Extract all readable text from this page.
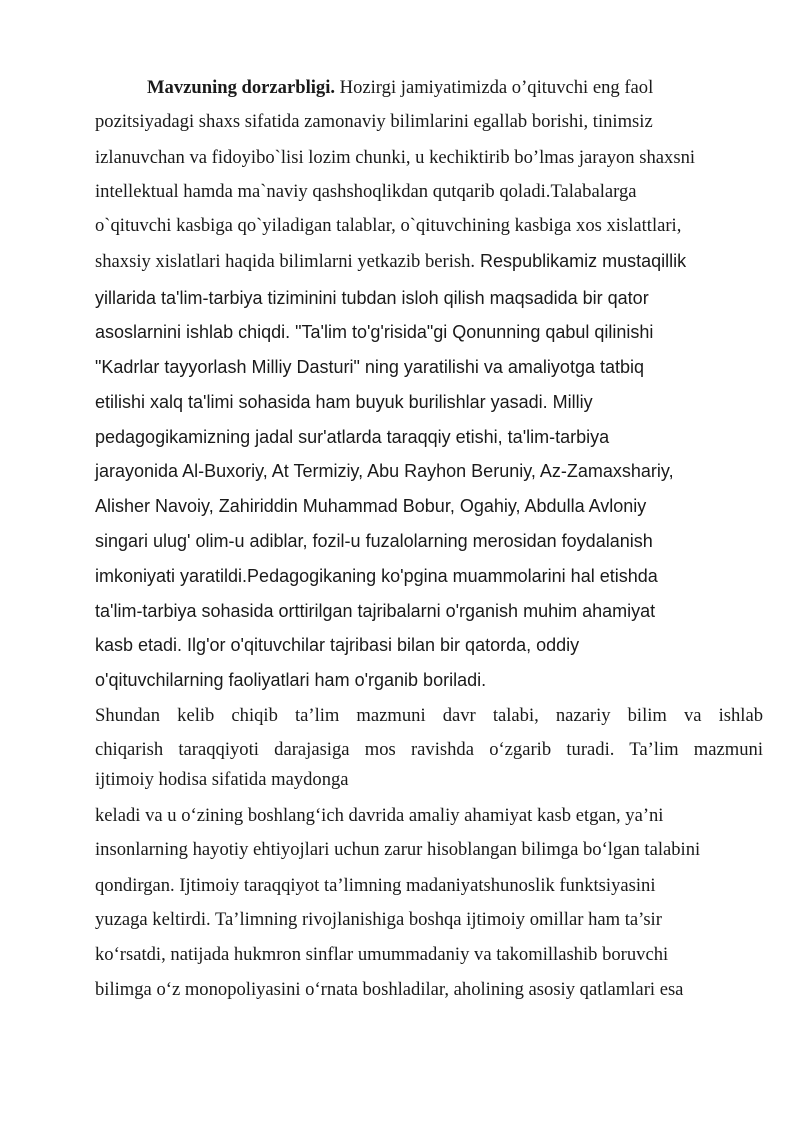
Mavzuning dorzarbligi. Hozirgi jamiyatimizda o’qituvchi eng faol

pozitsiyadagi shaxs sifatida zamonaviy bilimlarini egallab borishi, tinimsiz

izlanuvchan va fidoyibo`lisi lozim chunki, u kechiktirib bo’lmas jarayon shaxsni

intellektual hamda ma`naviy qashshoqlikdan qutqarib qoladi.Talabalarga

o`qituvchi kasbiga qo`yiladigan talablar, o`qituvchining kasbiga xos xislattlari,

shaxsiy xislatlari haqida bilimlarni yetkazib berish. Respublikamiz mustaqillik

yillarida ta'lim-tarbiya tiziminini tubdan isloh qilish maqsadida bir qator

asoslarnini ishlab chiqdi. "Ta'lim to'g'risida"gi Qonunning qabul qilinishi

"Kadrlar tayyorlash Milliy Dasturi" ning yaratilishi va amaliyotga tatbiq

etilishi xalq ta'limi sohasida ham buyuk burilishlar yasadi. Milliy

pedagogikamizning jadal sur'atlarda taraqqiy etishi, ta'lim-tarbiya

jarayonida Al-Buxoriy, At Termiziy, Abu Rayhon Beruniy, Az-Zamaxshariy,

Alisher Navoiy, Zahiriddin Muhammad Bobur, Ogahiy, Abdulla Avloniy

singari ulug' olim-u adiblar, fozil-u fuzalolarning merosidan foydalanish

imkoniyati yaratildi.Pedagogikaning ko'pgina muammolarini hal etishda

ta'lim-tarbiya sohasida orttirilgan tajribalarni o'rganish muhim ahamiyat

kasb etadi. Ilg'or o'qituvchilar tajribasi bilan bir qatorda, oddiy

o'qituvchilarning faoliyatlari ham o'rganib boriladi.

Shundan kelib chiqib ta’lim mazmuni davr talabi, nazariy bilim va ishlab

chiqarish taraqqiyoti darajasiga mos ravishda o‘zgarib turadi. Ta’lim mazmuni

ijtimoiy hodisa sifatida maydonga

keladi va u o‘zining boshlang‘ich davrida amaliy ahamiyat kasb etgan, ya’ni

insonlarning hayotiy ehtiyojlari uchun zarur hisoblangan bilimga bo‘lgan talabini

qondirgan. Ijtimoiy taraqqiyot ta’limning madaniyatshunoslik funktsiyasini

yuzaga keltirdi. Ta’limning rivojlanishiga boshqa ijtimoiy omillar ham ta’sir

ko‘rsatdi, natijada hukmron sinflar umummadaniy va takomillashib boruvchi

bilimga o‘z monopoliyasini o‘rnata boshladilar, aholining asosiy qatlamlari esa
